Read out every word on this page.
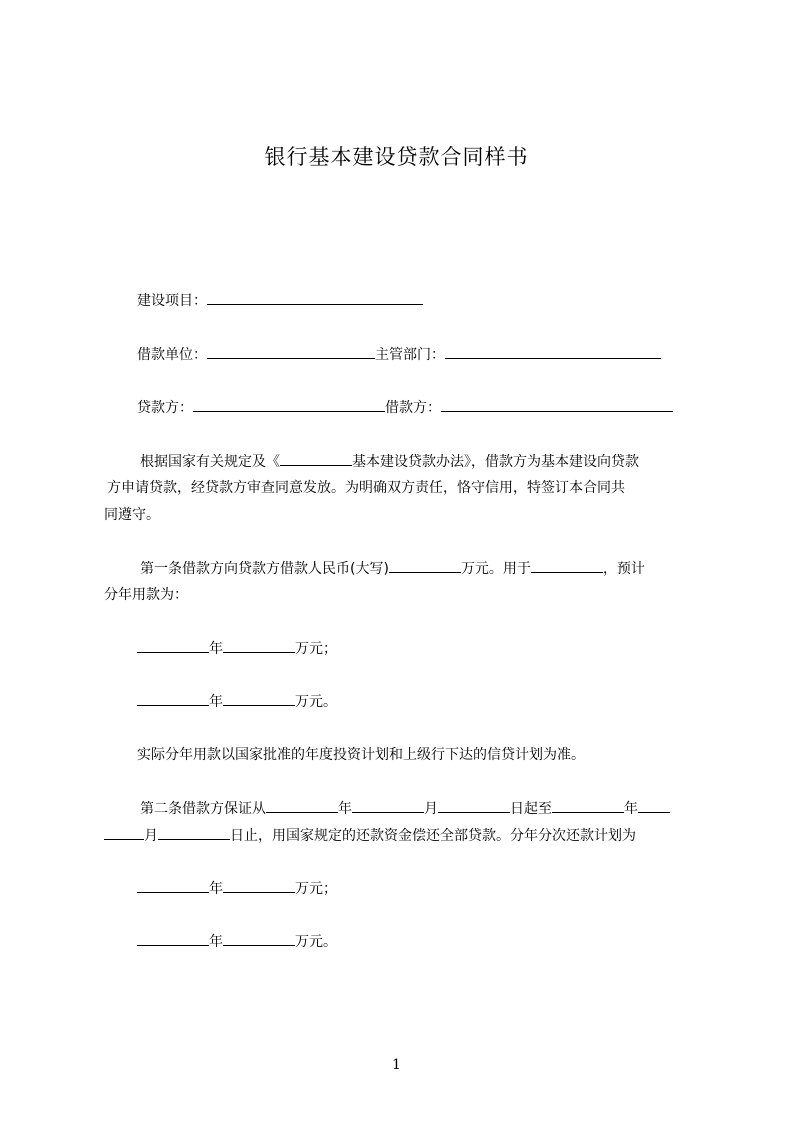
银行基本建设贷款合同样书
建设项目：
借款单位：	主管部门：
贷款方：	借款方：
根据国家有关规定及《	基本建设贷款办法》，借款方为基本建设向贷款
方申请贷款，经贷款方审查同意发放。为明确双方责任，恪守信用，特签订本合同共
同遵守。
第一条借款方向贷款方借款人民币(大写)	万元。用于	，预计
分年用款为：
年	万元；
年	万元。
实际分年用款以国家批准的年度投资计划和上级行下达的信贷计划为准。
第二条借款方保证从	年	月	日起至	年
月	日止，用国家规定的还款资金偿还全部贷款。分年分次还款计划为
年	万元；
年	万元。
1
